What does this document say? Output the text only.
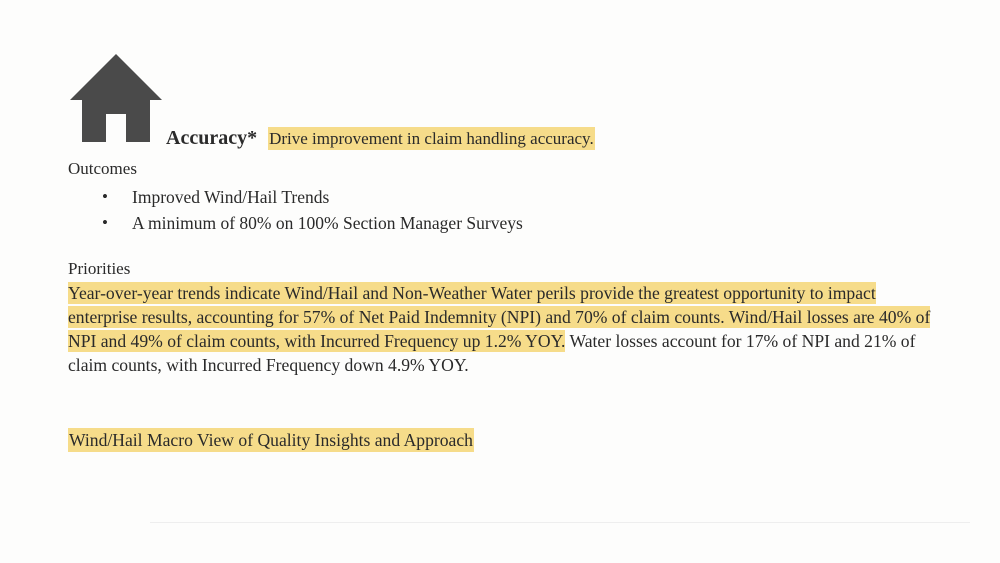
Accuracy* Drive improvement in claim handling accuracy.
Outcomes
• Improved Wind/Hail Trends
• A minimum of 80% on 100% Section Manager Surveys
Priorities
Year-over-year trends indicate Wind/Hail and Non-Weather Water perils provide the greatest opportunity to impact enterprise results, accounting for 57% of Net Paid Indemnity (NPI) and 70% of claim counts. Wind/Hail losses are 40% of NPI and 49% of claim counts, with Incurred Frequency up 1.2% YOY. Water losses account for 17% of NPI and 21% of claim counts, with Incurred Frequency down 4.9% YOY.
Wind/Hail Macro View of Quality Insights and Approach
